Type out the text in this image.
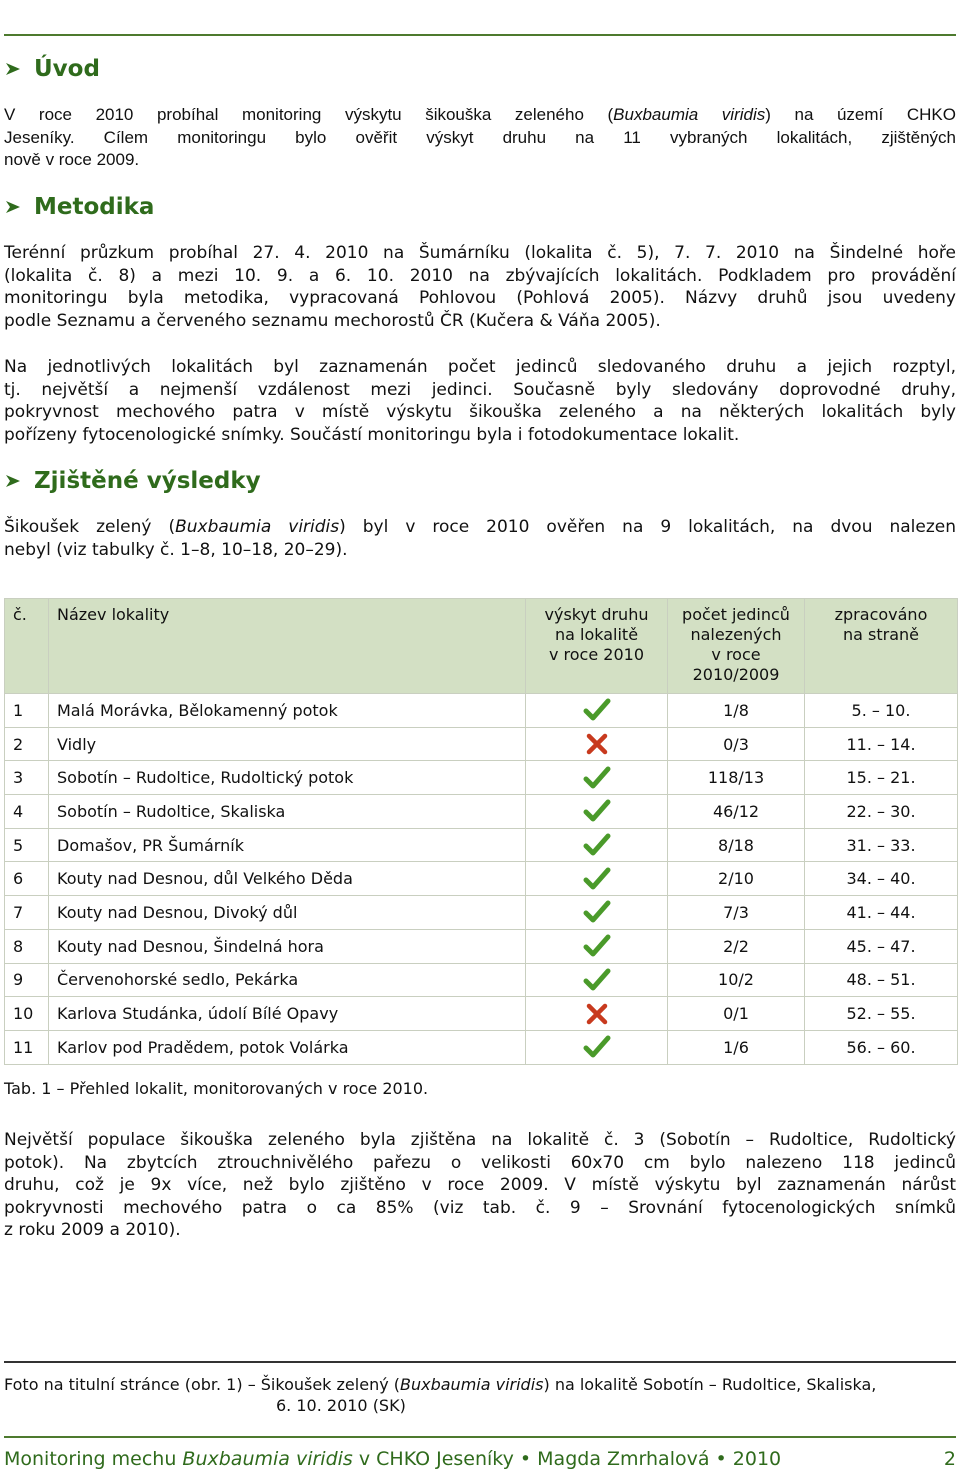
Úvod
V roce 2010 probíhal monitoring výskytu šikouška zeleného (Buxbaumia viridis) na území CHKO
Jeseníky. Cílem monitoringu bylo ověřit výskyt druhu na 11 vybraných lokalitách, zjištěných
nově v roce 2009.
Metodika
Terénní průzkum probíhal 27. 4. 2010 na Šumárníku (lokalita č. 5), 7. 7. 2010 na Šindelné hoře
(lokalita č. 8) a mezi 10. 9. a 6. 10. 2010 na zbývajících lokalitách. Podkladem pro provádění
monitoringu byla metodika, vypracovaná Pohlovou (Pohlová 2005). Názvy druhů jsou uvedeny
podle Seznamu a červeného seznamu mechorostů ČR (Kučera & Váňa 2005).
Na jednotlivých lokalitách byl zaznamenán počet jedinců sledovaného druhu a jejich rozptyl,
tj. největší a nejmenší vzdálenost mezi jedinci. Současně byly sledovány doprovodné druhy,
pokryvnost mechového patra v místě výskytu šikouška zeleného a na některých lokalitách byly
pořízeny fytocenologické snímky. Součástí monitoringu byla i fotodokumentace lokalit.
Zjištěné výsledky
Šikoušek zelený (Buxbaumia viridis) byl v roce 2010 ověřen na 9 lokalitách, na dvou nalezen
nebyl (viz tabulky č. 1–8, 10–18, 20–29).
č.	Název lokality	výskyt druhu
na lokalitě
v roce 2010	počet jedinců
nalezených
v roce
2010/2009	zpracováno
na straně
1	Malá Morávka, Bělokamenný potok		1/8	5. – 10.
2	Vidly		0/3	11. – 14.
3	Sobotín – Rudoltice, Rudoltický potok		118/13	15. – 21.
4	Sobotín – Rudoltice, Skaliska		46/12	22. – 30.
5	Domašov, PR Šumárník		8/18	31. – 33.
6	Kouty nad Desnou, důl Velkého Děda		2/10	34. – 40.
7	Kouty nad Desnou, Divoký důl		7/3	41. – 44.
8	Kouty nad Desnou, Šindelná hora		2/2	45. – 47.
9	Červenohorské sedlo, Pekárka		10/2	48. – 51.
10	Karlova Studánka, údolí Bílé Opavy		0/1	52. – 55.
11	Karlov pod Pradědem, potok Volárka		1/6	56. – 60.
Tab. 1 – Přehled lokalit, monitorovaných v roce 2010.
Největší populace šikouška zeleného byla zjištěna na lokalitě č. 3 (Sobotín – Rudoltice, Rudoltický
potok). Na zbytcích ztrouchnivělého pařezu o velikosti 60x70 cm bylo nalezeno 118 jedinců
druhu, což je 9x více, než bylo zjištěno v roce 2009. V místě výskytu byl zaznamenán nárůst
pokryvnosti mechového patra o ca 85% (viz tab. č. 9 – Srovnání fytocenologických snímků
z roku 2009 a 2010).
Foto na titulní stránce (obr. 1) – Šikoušek zelený (Buxbaumia viridis) na lokalitě Sobotín – Rudoltice, Skaliska,
6. 10. 2010 (SK)
Monitoring mechu Buxbaumia viridis v CHKO Jeseníky • Magda Zmrhalová • 2010	2
